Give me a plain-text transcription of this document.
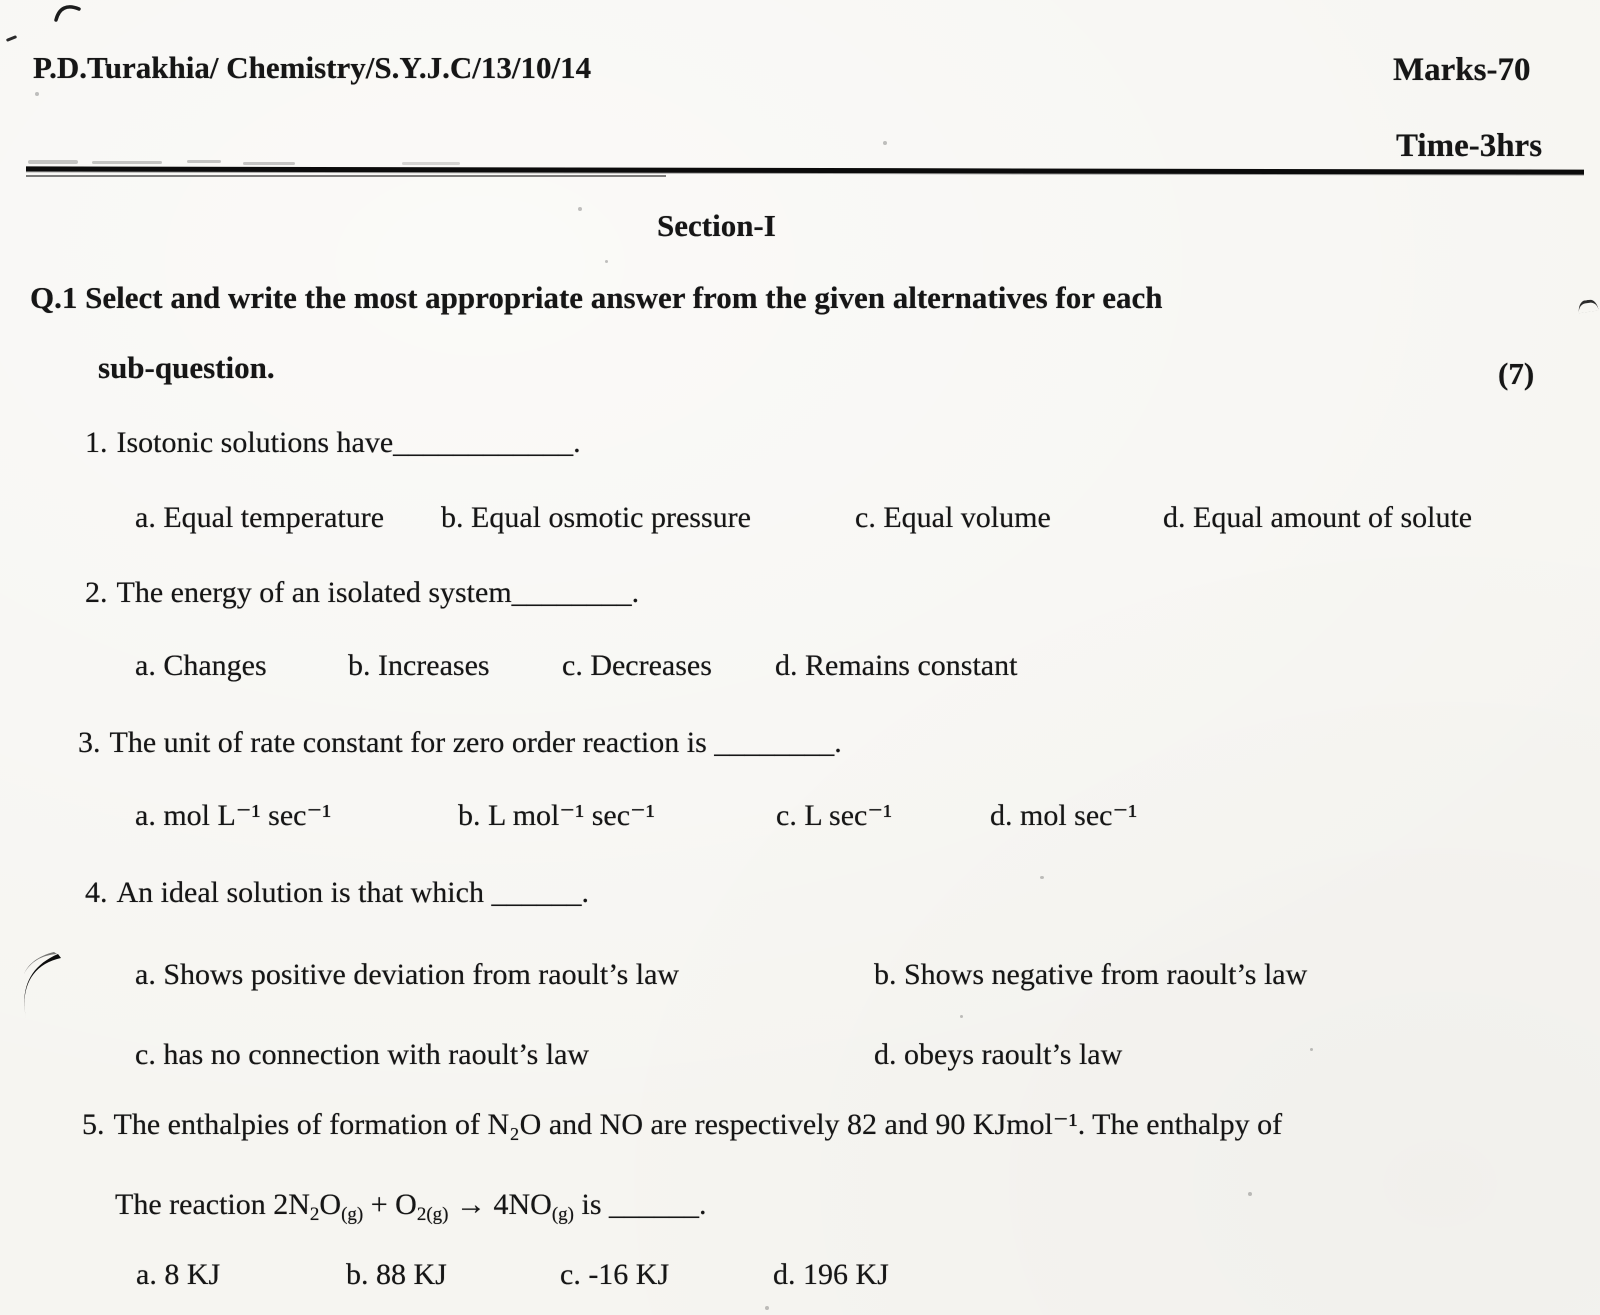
P.D.Turakhia/ Chemistry/S.Y.J.C/13/10/14	Marks-70
Time-3hrs
Section-I
Q.1 Select and write the most appropriate answer from the given alternatives for each
sub-question.	(7)
1. Isotonic solutions have____________.
a. Equal temperature b. Equal osmotic pressure	c. Equal volume	d. Equal amount of solute
2. The energy of an isolated system________.
a. Changes	b. Increases c. Decreases d. Remains constant
3. The unit of rate constant for zero order reaction is ________.
a. mol L⁻¹ sec⁻¹	b. L mol⁻¹ sec⁻¹	c. L sec⁻¹	d. mol sec⁻¹
4. An ideal solution is that which ______.
a. Shows positive deviation from raoult’s law	b. Shows negative from raoult’s law
c. has no connection with raoult’s law	d. obeys raoult’s law
5. The enthalpies of formation of N₂O and NO are respectively 82 and 90 KJmol⁻¹. The enthalpy of
The reaction $2N_2O_{(g)} + O_{2(g)} \to 4NO_{(g)}$ is ______.
a. 8 KJ	b. 88 KJ	c. -16 KJ	d. 196 KJ
